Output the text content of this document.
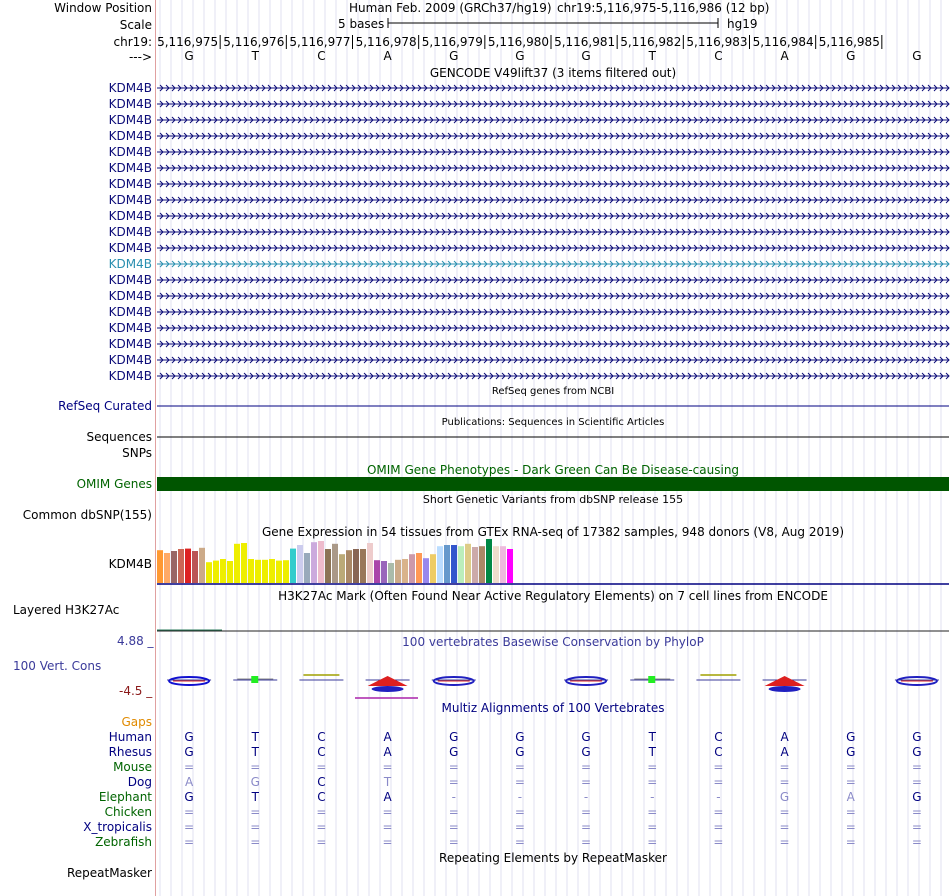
Window Position	Human Feb. 2009 (GRCh37/hg19) chr19:5,116,975-5,116,986 (12 bp)
Scale	5 bases	hg19
chr19:
--->
5,116,975 5,116,976 5,116,977 5,116,978 5,116,979 5,116,980 5,116,981 5,116,982 5,116,983 5,116,984 5,116,985
G	T	C	A	G	G	G	T	C	A	G	G
GENCODE V49lift37 (3 items filtered out)
KDM4B
KDM4B
KDM4B
KDM4B
KDM4B
KDM4B
KDM4B
KDM4B
KDM4B
KDM4B
KDM4B
KDM4B
KDM4B
KDM4B
KDM4B
KDM4B
KDM4B
KDM4B
KDM4B
RefSeq genes from NCBI
RefSeq Curated
Publications: Sequences in Scientific Articles
Sequences
SNPs
OMIM Gene Phenotypes - Dark Green Can Be Disease-causing
OMIM Genes
Short Genetic Variants from dbSNP release 155
Common dbSNP(155)
Gene Expression in 54 tissues from GTEx RNA-seq of 17382 samples, 948 donors (V8, Aug 2019)
KDM4B
H3K27Ac Mark (Often Found Near Active Regulatory Elements) on 7 cell lines from ENCODE
Layered H3K27Ac
4.88 _	100 vertebrates Basewise Conservation by PhyloP
100 Vert. Cons
-4.5 _
Multiz Alignments of 100 Vertebrates
Gaps
Human	G	T	C	A	G	G	G	T	C	A	G	G
Rhesus	G	T	C	A	G	G	G	T	C	A	G	G
Mouse	=	=	=	=	=	=	=	=	=	=	=	=
Dog	A	G	C	T	=	=	=	=	=	=	=	=
Elephant	G	T	C	A	-	-	-	-	-	G	A	G
Chicken	=	=	=	=	=	=	=	=	=	=	=	=
X_tropicalis	=	=	=	=	=	=	=	=	=	=	=	=
Zebrafish	=	=	=	=	=	=	=	=	=	=	=	=
Repeating Elements by RepeatMasker
RepeatMasker
